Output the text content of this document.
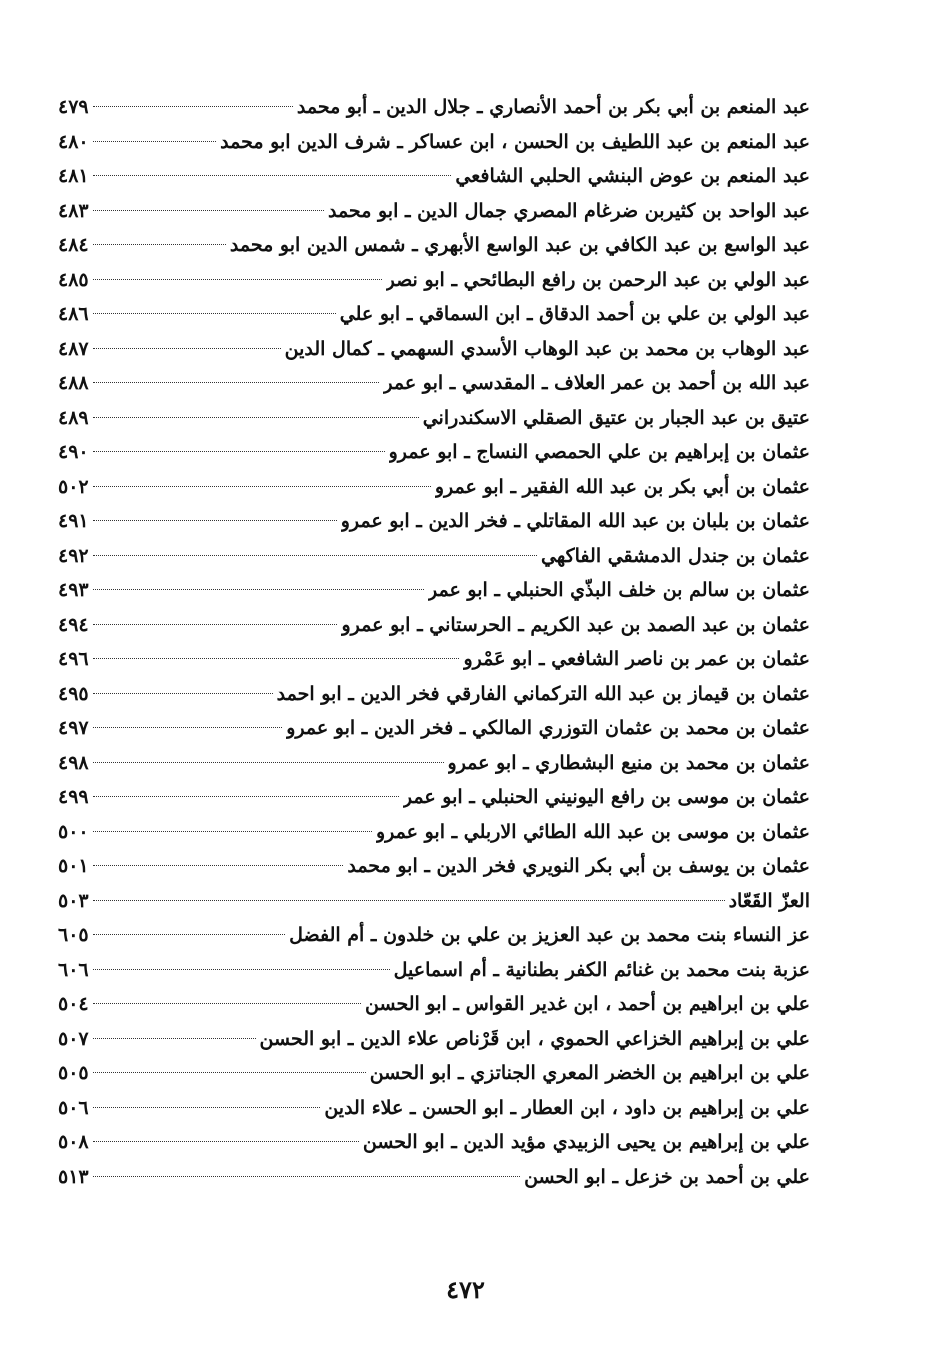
عبد المنعم بن أبي بكر بن أحمد الأنصاري ـ جلال الدين ـ أبو محمد
٤٧٩
عبد المنعم بن عبد اللطيف بن الحسن ، ابن عساكر ـ شرف الدين ابو محمد
٤٨٠
عبد المنعم بن عوض البنشي الحلبي الشافعي
٤٨١
عبد الواحد بن كثيربن ضرغام المصري جمال الدين ـ ابو محمد
٤٨٣
عبد الواسع بن عبد الكافي بن عبد الواسع الأبهري ـ شمس الدين ابو محمد
٤٨٤
عبد الولي بن عبد الرحمن بن رافع البطائحي ـ ابو نصر
٤٨٥
عبد الولي بن علي بن أحمد الدقاق ـ ابن السماقي ـ ابو علي
٤٨٦
عبد الوهاب بن محمد بن عبد الوهاب الأسدي السهمي ـ كمال الدين
٤٨٧
عبد الله بن أحمد بن عمر العلاف ـ المقدسي ـ ابو عمر
٤٨٨
عتيق بن عبد الجبار بن عتيق الصقلي الاسكندراني
٤٨٩
عثمان بن إبراهيم بن علي الحمصي النساج ـ ابو عمرو
٤٩٠
عثمان بن أبي بكر بن عبد الله الفقير ـ ابو عمرو
٥٠٢
عثمان بن بلبان بن عبد الله المقاتلي ـ فخر الدين ـ ابو عمرو
٤٩١
عثمان بن جندل الدمشقي الفاكهي
٤٩٢
عثمان بن سالم بن خلف البذّي الحنبلي ـ ابو عمر
٤٩٣
عثمان بن عبد الصمد بن عبد الكريم ـ الحرستاني ـ ابو عمرو
٤٩٤
عثمان بن عمر بن ناصر الشافعي ـ ابو عَمْرو
٤٩٦
عثمان بن قيماز بن عبد الله التركماني الفارقي فخر الدين ـ ابو احمد
٤٩٥
عثمان بن محمد بن عثمان التوزري المالكي ـ فخر الدين ـ ابو عمرو
٤٩٧
عثمان بن محمد بن منيع البشطاري ـ ابو عمرو
٤٩٨
عثمان بن موسى بن رافع اليونيني الحنبلي ـ ابو عمر
٤٩٩
عثمان بن موسى بن عبد الله الطائي الاربلي ـ ابو عمرو
٥٠٠
عثمان بن يوسف بن أبي بكر النويري فخر الدين ـ ابو محمد
٥٠١
العزّ القَعّاد
٥٠٣
عز النساء بنت محمد بن عبد العزيز بن علي بن خلدون ـ أم الفضل
٦٠٥
عزبة بنت محمد بن غنائم الكفر بطنانية ـ أم اسماعيل
٦٠٦
علي بن ابراهيم بن أحمد ، ابن غدير القواس ـ ابو الحسن
٥٠٤
علي بن إبراهيم الخزاعي الحموي ، ابن قَرْناص علاء الدين ـ ابو الحسن
٥٠٧
علي بن ابراهيم بن الخضر المعري الجناتزي ـ ابو الحسن
٥٠٥
علي بن إبراهيم بن داود ، ابن العطار ـ ابو الحسن ـ علاء الدين
٥٠٦
علي بن إبراهيم بن يحيى الزبيدي مؤيد الدين ـ ابو الحسن
٥٠٨
علي بن أحمد بن خزعل ـ ابو الحسن
٥١٣
٤٧٢
